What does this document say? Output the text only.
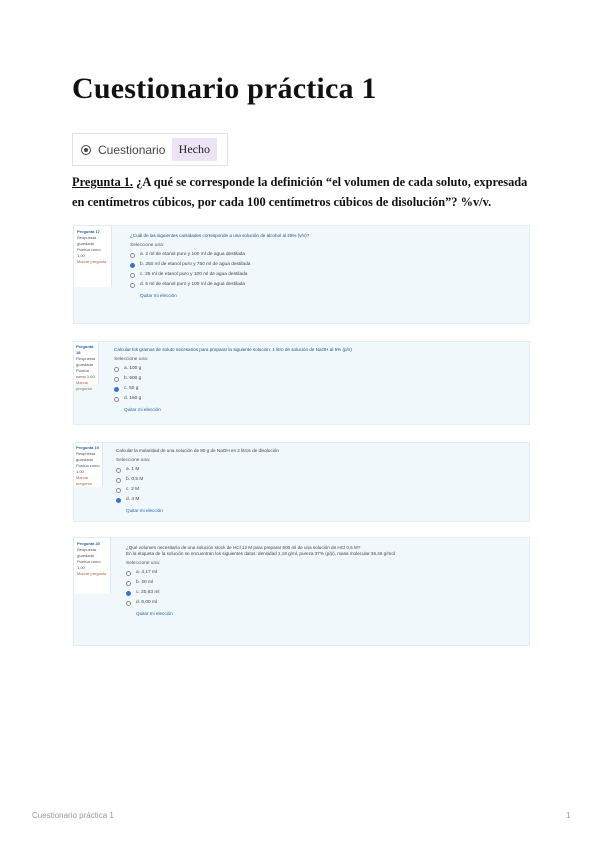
Cuestionario práctica 1
Cuestionario	Hecho
Pregunta 1. ¿A qué se corresponde la definición “el volumen de cada soluto, expresada en centímetros cúbicos, por cada 100 centímetros cúbicos de disolución”? %v/v.
Pregunta 17
Respuesta guardada
Puntúa como 1,00
Marcar pregunta
¿Cuál de las siguientes cantidades corresponde a una solución de alcohol al 25% (v/v)?
Seleccione una:
a. 2 ml de etanol puro y 100 ml de agua destilada
b. 250 ml de etanol puro y 750 ml de agua destilada
c. 25 ml de etanol puro y 100 ml de agua destilada
d. 5 ml de etanol puro y 100 ml de agua destilada
Quitar mi elección
Pregunta 18
Respuesta guardada
Puntúa como 1,00
Marcar pregunta
Calcular los gramos de soluto necesarios para preparar la siguiente solución: 1 litro de solución de NaOH al 5% (p/v)
Seleccione una:
a. 100 g
b. 500 g
c. 50 g
d. 150 g
Quitar mi elección
Pregunta 19
Respuesta guardada
Puntúa como 1,00
Marcar pregunta
Calcular la molaridad de una solución de 80 g de NaOH en 2 litros de disolución
Seleccione una:
a. 1 M
b. 0,5 M
c. 2 M
d. 4 M
Quitar mi elección
Pregunta 20
Respuesta guardada
Puntúa como 1,00
Marcar pregunta
¿Qué volumen necesitaría de una solución stock de HCl 12 M para preparar 500 ml de una solución de HCl 0,5 M?
En la etiqueta de la solución se encuentran los siguientes datos: densidad 1,18 g/ml, pureza 37% (p/p), masa molecular 36,46 g/mol
Seleccione una:
a. 4,17 ml
b. 20 ml
c. 20,83 ml
d. 6,00 ml
Quitar mi elección
Cuestionario práctica 1	1
